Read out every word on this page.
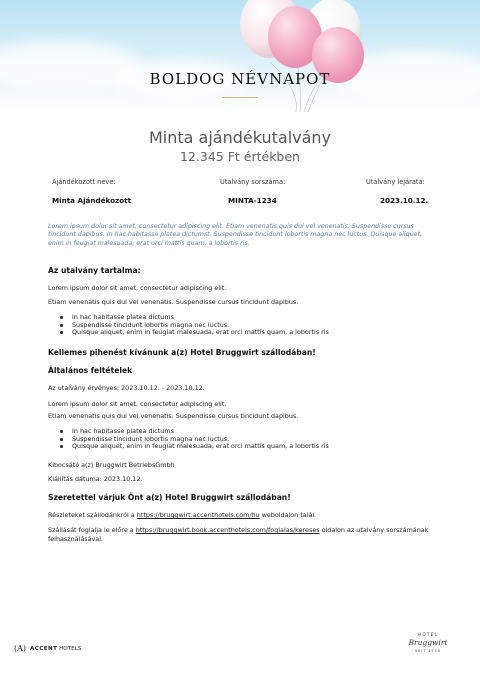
BOLDOG NÉVNAPOT
Minta ajándékutalvány
12.345 Ft értékben
Ajándékozott neve:
Minta Ajándékozott
Utalvány sorszáma:
MINTA-1234
Utalvány lejárata:
2023.10.12.
Lorem ipsum dolor sit amet, consectetur adipiscing elit. Etiam venenatis quis dui vel venenatis. Suspendisse cursus tincidunt dapibus. In hac habitasse platea dictumst. Suspendisse tincidunt lobortis magna nec luctus. Quisque aliquet, enim in feugiat malesuada, erat orci mattis quam, a lobortis ris.
Az utalvány tartalma:

Lorem ipsum dolor sit amet, consectetur adipiscing elit.

Etiam venenatis quis dui vel venenatis. Suspendisse cursus tincidunt dapibus.

In hac habitasse platea dictums
Suspendisse tincidunt lobortis magna nec luctus.
Quisque aliquet, enim in feugiat malesuada, erat orci mattis quam, a lobortis ris
Kellemes pihenést kívánunk a(z) Hotel Bruggwirt szállodában!
Általános feltételek

Az utalvány érvényes: 2023.10.12. - 2023.10.12.

Lorem ipsum dolor sit amet, consectetur adipiscing elit.

Etiam venenatis quis dui vel venenatis. Suspendisse cursus tincidunt dapibus.

In hac habitasse platea dictums
Suspendisse tincidunt lobortis magna nec luctus.
Quisque aliquet, enim in feugiat malesuada, erat orci mattis quam, a lobortis ris

Kibocsátó a(z) Bruggwirt BetriebsGmbh

Kiállítás dátuma: 2023.10.12.

Szeretettel várjuk Önt a(z) Hotel Bruggwirt szállodában!

Részleteket szállodánkról a https://bruggwirt.accenthotels.com/hu weboldalon talál.

Szállását foglalja le előre a https://bruggwirt.book.accenthotels.com/foglalas/kereses oldalon az utalvány sorszámának felhasználásával.

(A) ACCENT HOTELS
HOTEL
Bruggwirt
SEIT 1710
